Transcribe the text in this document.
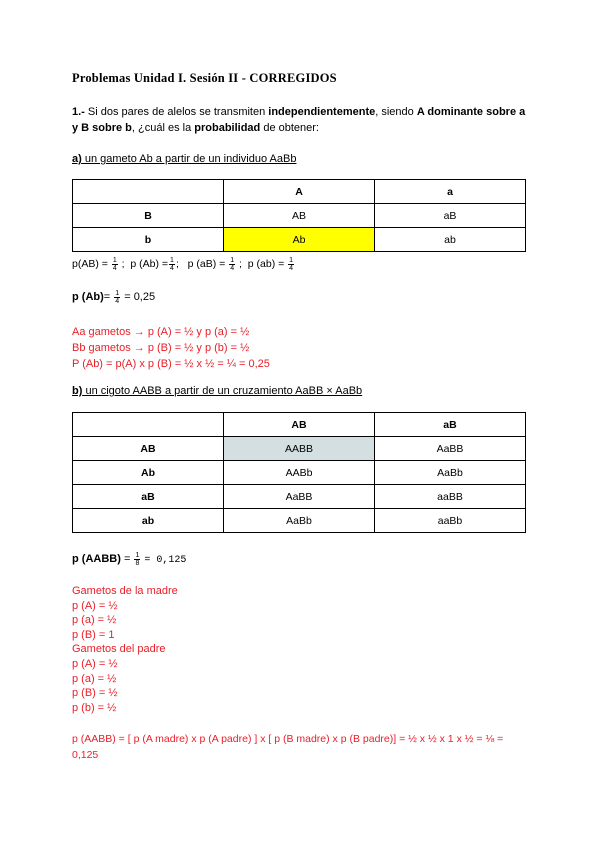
Problemas Unidad I. Sesión II - CORREGIDOS
1.- Si dos pares de alelos se transmiten independientemente, siendo A dominante sobre a y B sobre b, ¿cuál es la probabilidad de obtener:
a) un gameto Ab a partir de un individuo AaBb
	A	a
B	AB	aB
b	Ab	ab
$p(AB) = \frac{1}{4}$ ;  p $(Ab) = \frac{1}{4}$ ;   p $(aB) = \frac{1}{4}$ ;  p $(ab) = \frac{1}{4}$
p $(Ab)= \frac{1}{4} = 0,25$
Aa gametos → p (A) = ½ y p (a) = ½
Bb gametos → p (B) = ½ y p (b) = ½
P (Ab) = p(A) x p (B) = ½ x ½ = ¼ = 0,25
b) un cigoto AABB a partir de un cruzamiento AaBB × AaBb
	AB	aB
AB	AABB	AaBB
Ab	AABb	AaBb
aB	AaBB	aaBB
ab	AaBb	aaBb
p (AABB) = $\frac{1}{8} = 0,125$
Gametos de la madre
p (A) = ½
p (a) = ½
p (B) = 1
Gametos del padre
p (A) = ½
p (a) = ½
p (B) = ½
p (b) = ½
p (AABB) = [ p (A madre) x p (A padre) ] x [ p (B madre) x p (B padre)] = ½ x ½ x 1 x ½ = ⅛ =
0,125
